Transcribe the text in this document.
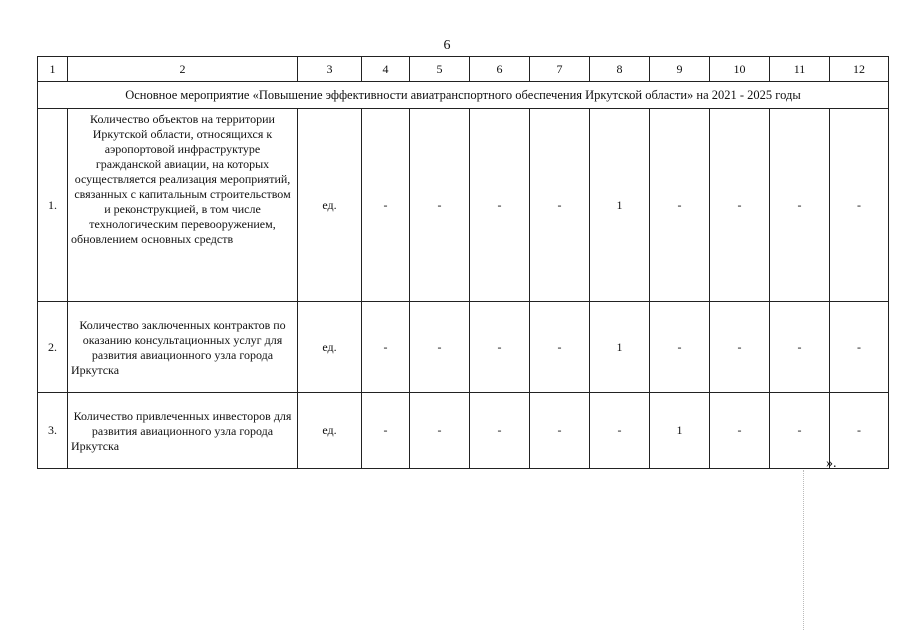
6
1	2	3	4	5	6	7	8	9	10	11	12
Основное мероприятие «Повышение эффективности авиатранспортного обеспечения Иркутской области» на 2021 - 2025 годы											
1.	Количество объектов на территории Иркутской области, относящихся к аэропортовой инфраструктуре гражданской авиации, на которых осуществляется реализация мероприятий, связанных с капитальным строительством и реконструкцией, в том числе технологическим перевооружением, обновлением основных средств	ед.	-	-	-	-	1	-	-	-	-
2.	Количество заключенных контрактов по оказанию консультационных услуг для развития авиационного узла города Иркутска	ед.	-	-	-	-	1	-	-	-	-
3.	Количество привлеченных инвесторов для развития авиационного узла города Иркутска	ед.	-	-	-	-	-	1	-	-	-
».
